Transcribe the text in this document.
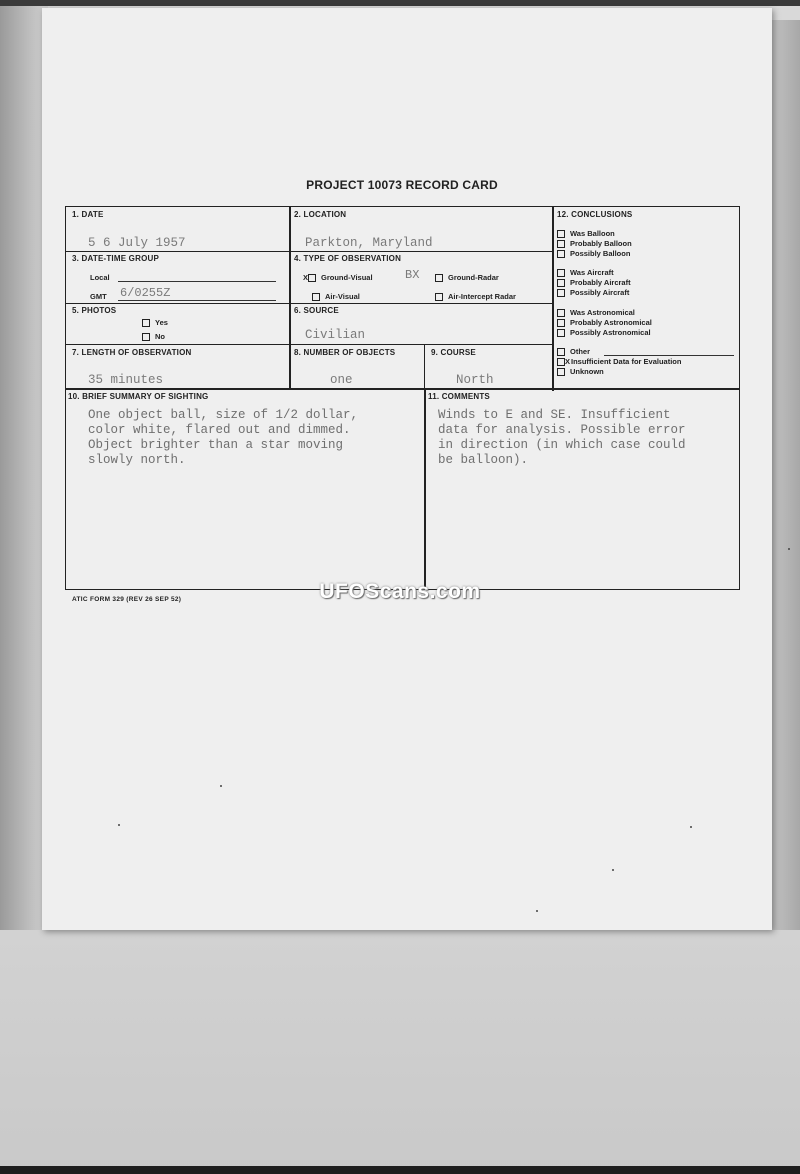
PROJECT 10073 RECORD CARD
1. DATE
5 6 July 1957
2. LOCATION
Parkton, Maryland
3. DATE-TIME GROUP
Local
GMT 6/0255Z
4. TYPE OF OBSERVATION
X Ground-Visual	BX	Ground-Radar
Air-Visual	Air-Intercept Radar
5. PHOTOS
Yes
No
6. SOURCE
Civilian
7. LENGTH OF OBSERVATION
35 minutes
8. NUMBER OF OBJECTS
one
9. COURSE
North
10. BRIEF SUMMARY OF SIGHTING
One object ball, size of 1/2 dollar,
color white, flared out and dimmed.
Object brighter than a star moving
slowly north.
11. COMMENTS
Winds to E and SE. Insufficient
data for analysis. Possible error
in direction (in which case could
be balloon).
12. CONCLUSIONS
Was Balloon
Probably Balloon
Possibly Balloon
Was Aircraft
Probably Aircraft
Possibly Aircraft
Was Astronomical
Probably Astronomical
Possibly Astronomical
Other
XInsufficient Data for Evaluation
Unknown
ATIC FORM 329 (REV 26 SEP 52)	UFOScans.com
